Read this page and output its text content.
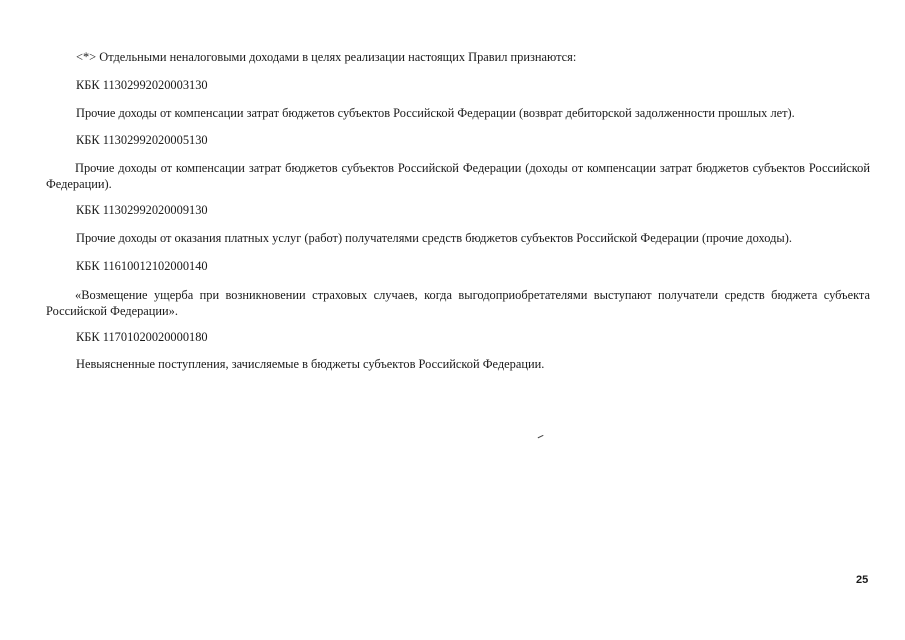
<*> Отдельными неналоговыми доходами в целях реализации настоящих Правил признаются:
КБК 11302992020003130
Прочие доходы от компенсации затрат бюджетов субъектов Российской Федерации (возврат дебиторской задолженности прошлых лет).
КБК 11302992020005130
Прочие доходы от компенсации затрат бюджетов субъектов Российской Федерации (доходы от компенсации затрат бюджетов субъектов Российской Федерации).
КБК 11302992020009130
Прочие доходы от оказания платных услуг (работ) получателями средств бюджетов субъектов Российской Федерации (прочие доходы).
КБК 11610012102000140
«Возмещение ущерба при возникновении страховых случаев, когда выгодоприобретателями выступают получатели средств бюджета субъекта Российской Федерации».
КБК 11701020020000180
Невыясненные поступления, зачисляемые в бюджеты субъектов Российской Федерации.
25
